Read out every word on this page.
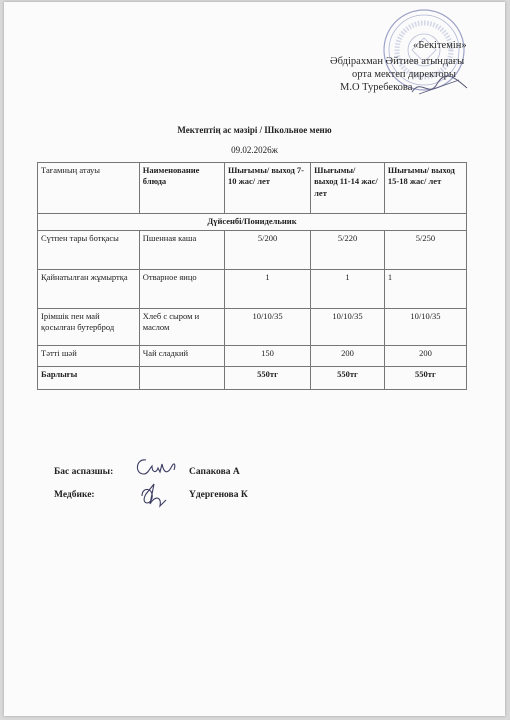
«Бекітемін»
Әбдірахман Әйтиев атындағы
орта мектеп директоры
М.О Туребекова
Мектептің ас мәзірі / Школьное меню
09.02.2026ж
Тағамның атауы	Наименование блюда	Шығымы/ выход 7-10 жас/ лет	Шығымы/ выход 11-14 жас/ лет	Шығымы/ выход 15-18 жас/ лет
Дүйсенбі/Понидельник				
Сүтпен тары ботқасы	Пшенная каша	5/200	5/220	5/250
Қайнатылған жұмыртқа	Отварное яицо	1	1	1
Ірімшік пен май қосылған бутерброд	Хлеб с сыром и маслом	10/10/35	10/10/35	10/10/35
Тәтті шәй	Чай сладкий	150	200	200
Барлығы		550тг	550тг	550тг
Бас аспазшы:	Сапакова А
Медбике:	Үдергенова К
